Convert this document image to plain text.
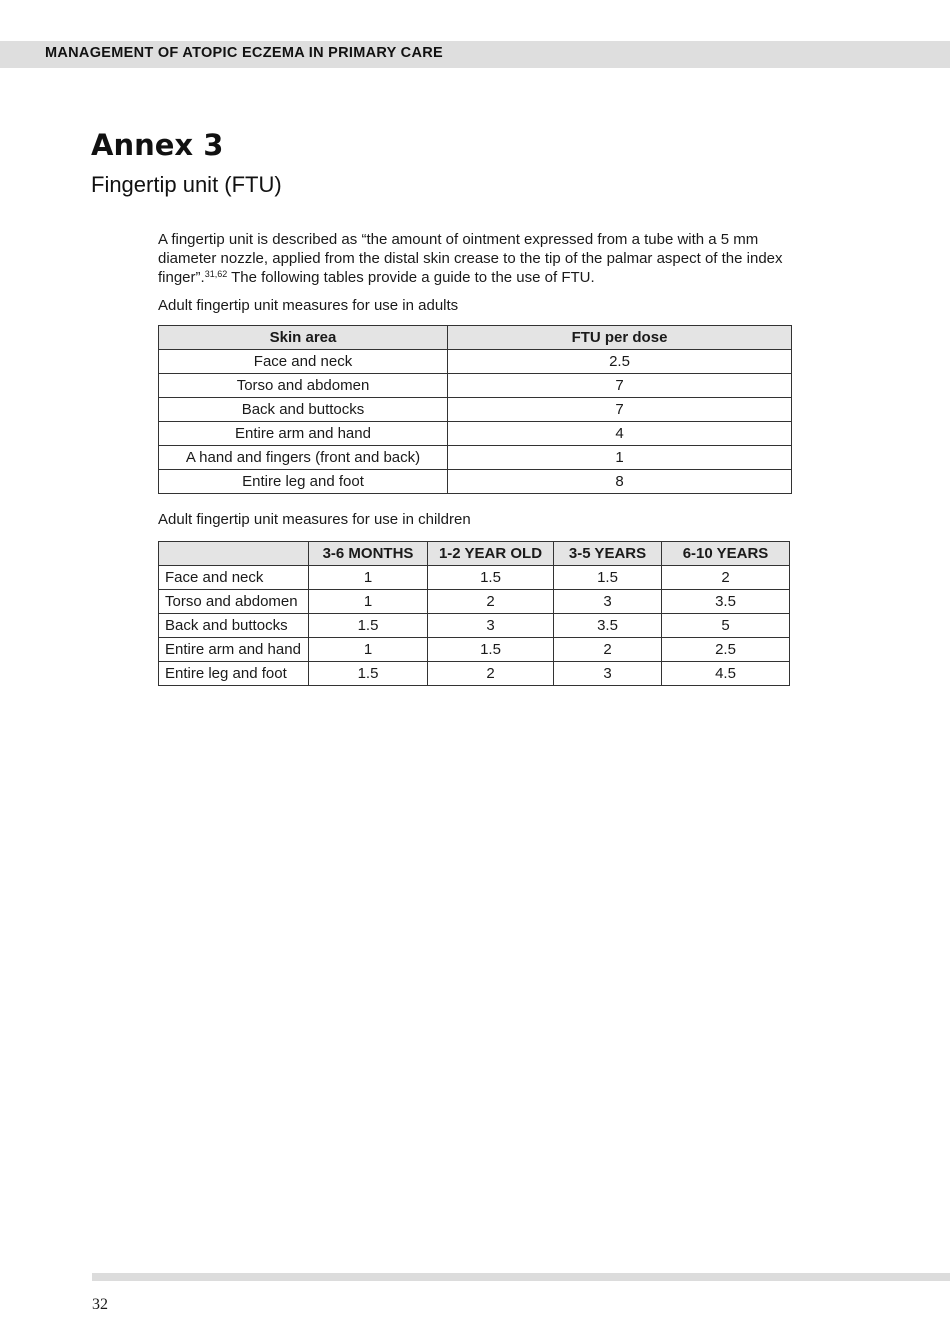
MANAGEMENT OF ATOPIC ECZEMA IN PRIMARY CARE
Annex 3
Fingertip unit (FTU)

A fingertip unit is described as “the amount of ointment expressed from a tube with a 5 mm diameter nozzle, applied from the distal skin crease to the tip of the palmar aspect of the index finger”.$^{31,62}$ The following tables provide a guide to the use of FTU.

Adult fingertip unit measures for use in adults

Skin area	FTU per dose
Face and neck	2.5
Torso and abdomen	7
Back and buttocks	7
Entire arm and hand	4
A hand and fingers (front and back)	1
Entire leg and foot	8

Adult fingertip unit measures for use in children

	3-6 MONTHS	1-2 YEAR OLD	3-5 YEARS	6-10 YEARS
Face and neck	1	1.5	1.5	2
Torso and abdomen	1	2	3	3.5
Back and buttocks	1.5	3	3.5	5
Entire arm and hand	1	1.5	2	2.5
Entire leg and foot	1.5	2	3	4.5
32
